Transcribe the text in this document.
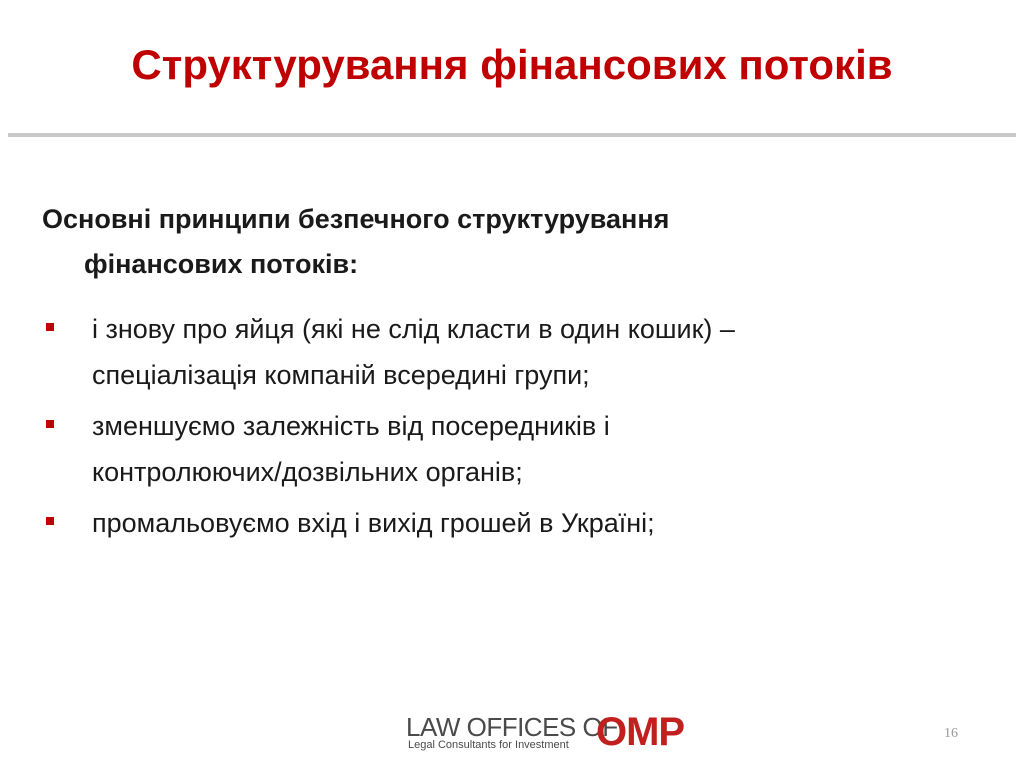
Структурування фінансових потоків
Основні принципи безпечного структурування
фінансових потоків:
і знову про яйця (які не слід класти в один кошик) –
спеціалізація компаній всередині групи;
зменшуємо залежність від посередників і
контролюючих/дозвільних органів;
промальовуємо вхід і вихід грошей в Україні;
LAW OFFICES OF
Legal Consultants for Investment OMP	16
